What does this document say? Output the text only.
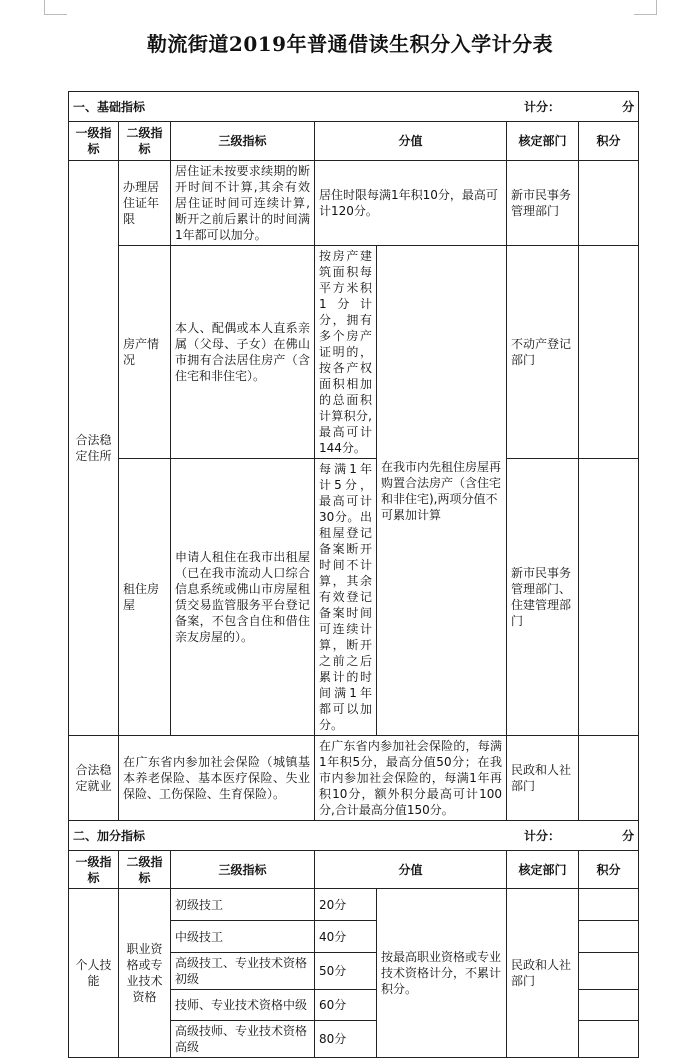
勒流街道2019年普通借读生积分入学计分表
一、基础指标 计分： 分						

一级指标	二级指标	三级指标	分值		核定部门	积分
合法稳定住所	办理居住证年限	居住证未按要求续期的断开时间不计算,其余有效居住证时间可连续计算,断开之前后累计的时间满1年都可以加分。	居住时限每满1年积10分，最高可计120分。		新市民事务管理部门	
	房产情况	本人、配偶或本人直系亲属（父母、子女）在佛山市拥有合法居住房产（含住宅和非住宅）。	按房产建筑面积每平方米积1分计分，拥有多个房产证明的，按各产权面积相加的总面积计算积分,最高可计144分。	在我市内先租住房屋再购置合法房产（含住宅和非住宅),两项分值不可累加计算	不动产登记部门	
	租住房屋	申请人租住在我市出租屋（已在我市流动人口综合信息系统或佛山市房屋租赁交易监管服务平台登记备案，不包含自住和借住亲友房屋的）。	每满1年计5分，最高可计30分。出租屋登记备案断开时间不计算，其余有效登记备案时间可连续计算，断开之前之后累计的时间满1年都可以加分。		新市民事务管理部门、住建管理部门	
合法稳定就业	在广东省内参加社会保险（城镇基本养老保险、基本医疗保险、失业保险、工伤保险、生育保险）。		在广东省内参加社会保险的，每满1年积5分，最高分值50分；在我市内参加社会保险的，每满1年再积10分，额外积分最高可计100分,合计最高分值150分。		民政和人社部门	

二、加分指标 计分： 分						

一级指标	二级指标	三级指标	分值		核定部门	积分
个人技能	职业资格或专业技术资格	初级技工	20分	按最高职业资格或专业技术资格计分，不累计积分。	民政和人社部门	
		中级技工	40分			
		高级技工、专业技术资格初级	50分			
		技师、专业技术资格中级	60分			
		高级技师、专业技术资格高级	80分			
